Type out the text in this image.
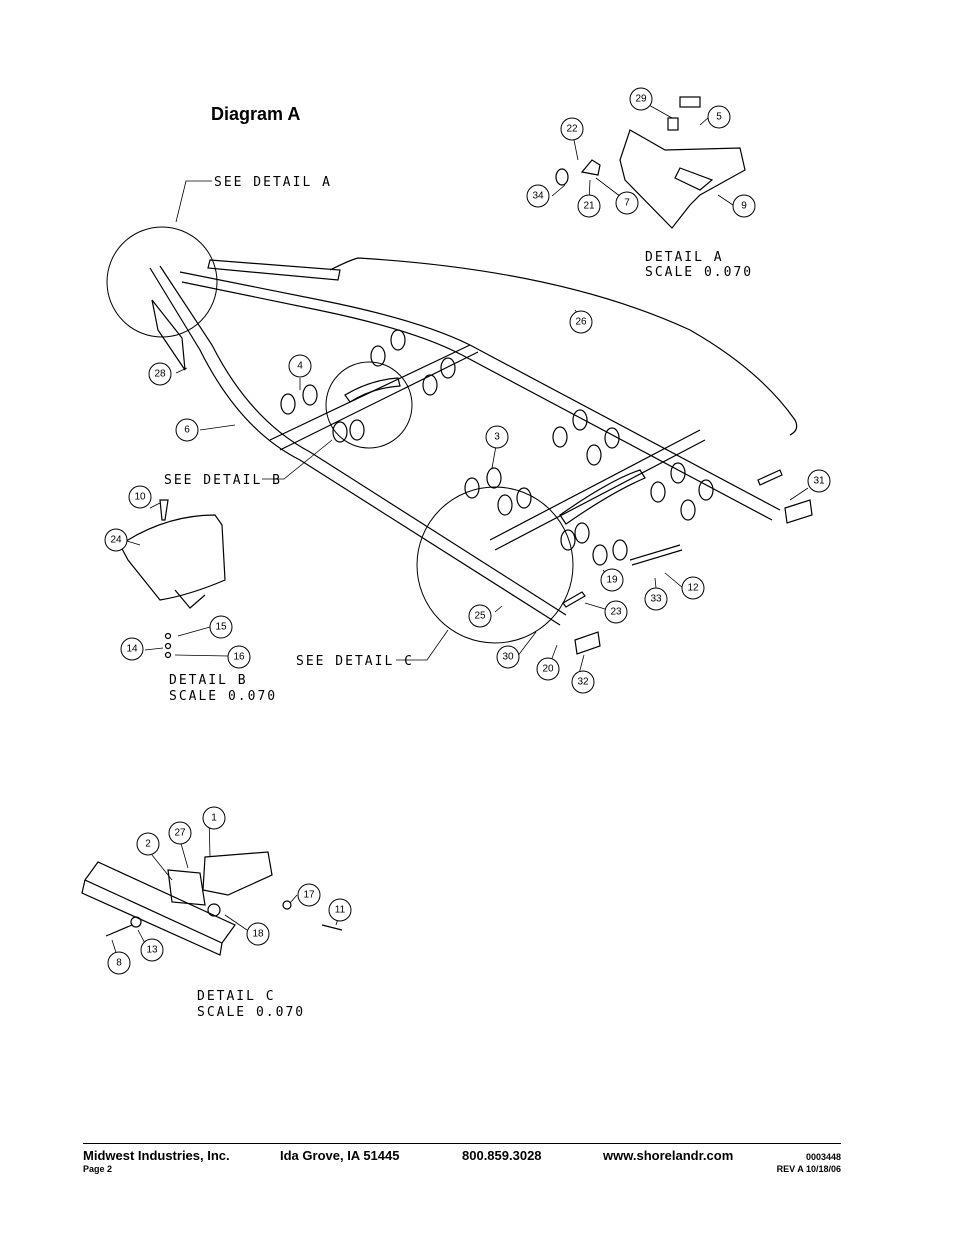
Diagram A
1
2
3
4
5
6
7
8
9
10
11
12
13
14
15
16
17
18
19
20
21
22
23
24
25
26
27
28
29
30
31
32
33
34
SEE DETAIL A
SEE DETAIL B
SEE DETAIL C
DETAIL A
SCALE 0.070
DETAIL B
SCALE 0.070
DETAIL C
SCALE 0.070
Midwest Industries, Inc.	Ida Grove, IA 51445	800.859.3028	www.shorelandr.com
Page 2
0003448
REV A 10/18/06
